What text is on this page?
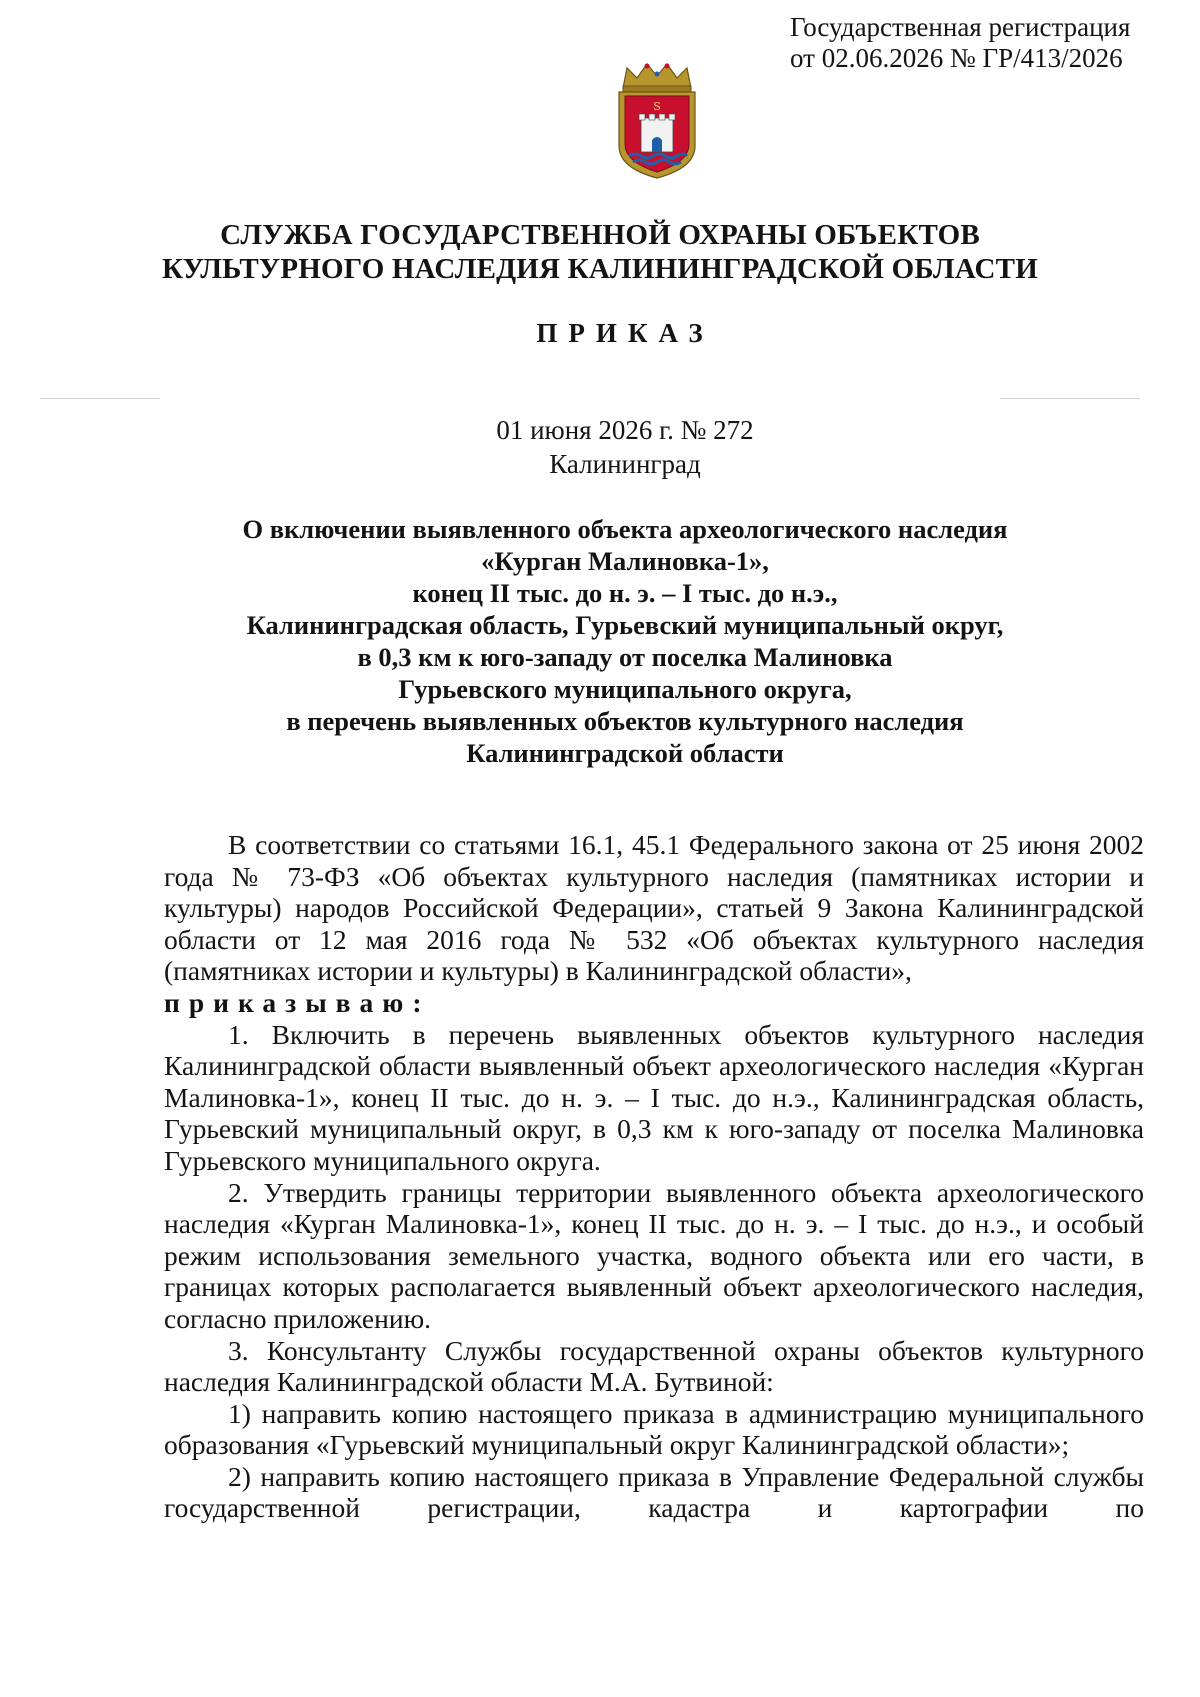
Государственная регистрация
от 02.06.2026 № ГР/413/2026
S
СЛУЖБА ГОСУДАРСТВЕННОЙ ОХРАНЫ ОБЪЕКТОВ
КУЛЬТУРНОГО НАСЛЕДИЯ КАЛИНИНГРАДСКОЙ ОБЛАСТИ
ПРИКАЗ
01 июня 2026 г. № 272
Калининград
О включении выявленного объекта археологического наследия
«Курган Малиновка-1»,
конец II тыс. до н. э. – I тыс. до н.э.,
Калининградская область, Гурьевский муниципальный округ,
в 0,3 км к юго-западу от поселка Малиновка
Гурьевского муниципального округа,
в перечень выявленных объектов культурного наследия
Калининградской области

В соответствии со статьями 16.1, 45.1 Федерального закона от 25 июня 2002 года № 73-ФЗ «Об объектах культурного наследия (памятниках истории и культуры) народов Российской Федерации», статьей 9 Закона Калининградской области от 12 мая 2016 года № 532 «Об объектах культурного наследия (памятниках истории и культуры) в Калининградской области»,
приказываю:

1. Включить в перечень выявленных объектов культурного наследия Калининградской области выявленный объект археологического наследия «Курган Малиновка-1», конец II тыс. до н. э. – I тыс. до н.э., Калининградская область, Гурьевский муниципальный округ, в 0,3 км к юго-западу от поселка Малиновка Гурьевского муниципального округа.

2. Утвердить границы территории выявленного объекта археологического наследия «Курган Малиновка-1», конец II тыс. до н. э. – I тыс. до н.э., и особый режим использования земельного участка, водного объекта или его части, в границах которых располагается выявленный объект археологического наследия, согласно приложению.

3. Консультанту Службы государственной охраны объектов культурного наследия Калининградской области М.А. Бутвиной:

1) направить копию настоящего приказа в администрацию муниципального образования «Гурьевский муниципальный округ Калининградской области»;

2) направить копию настоящего приказа в Управление Федеральной службы государственной регистрации, кадастра и картографии по
